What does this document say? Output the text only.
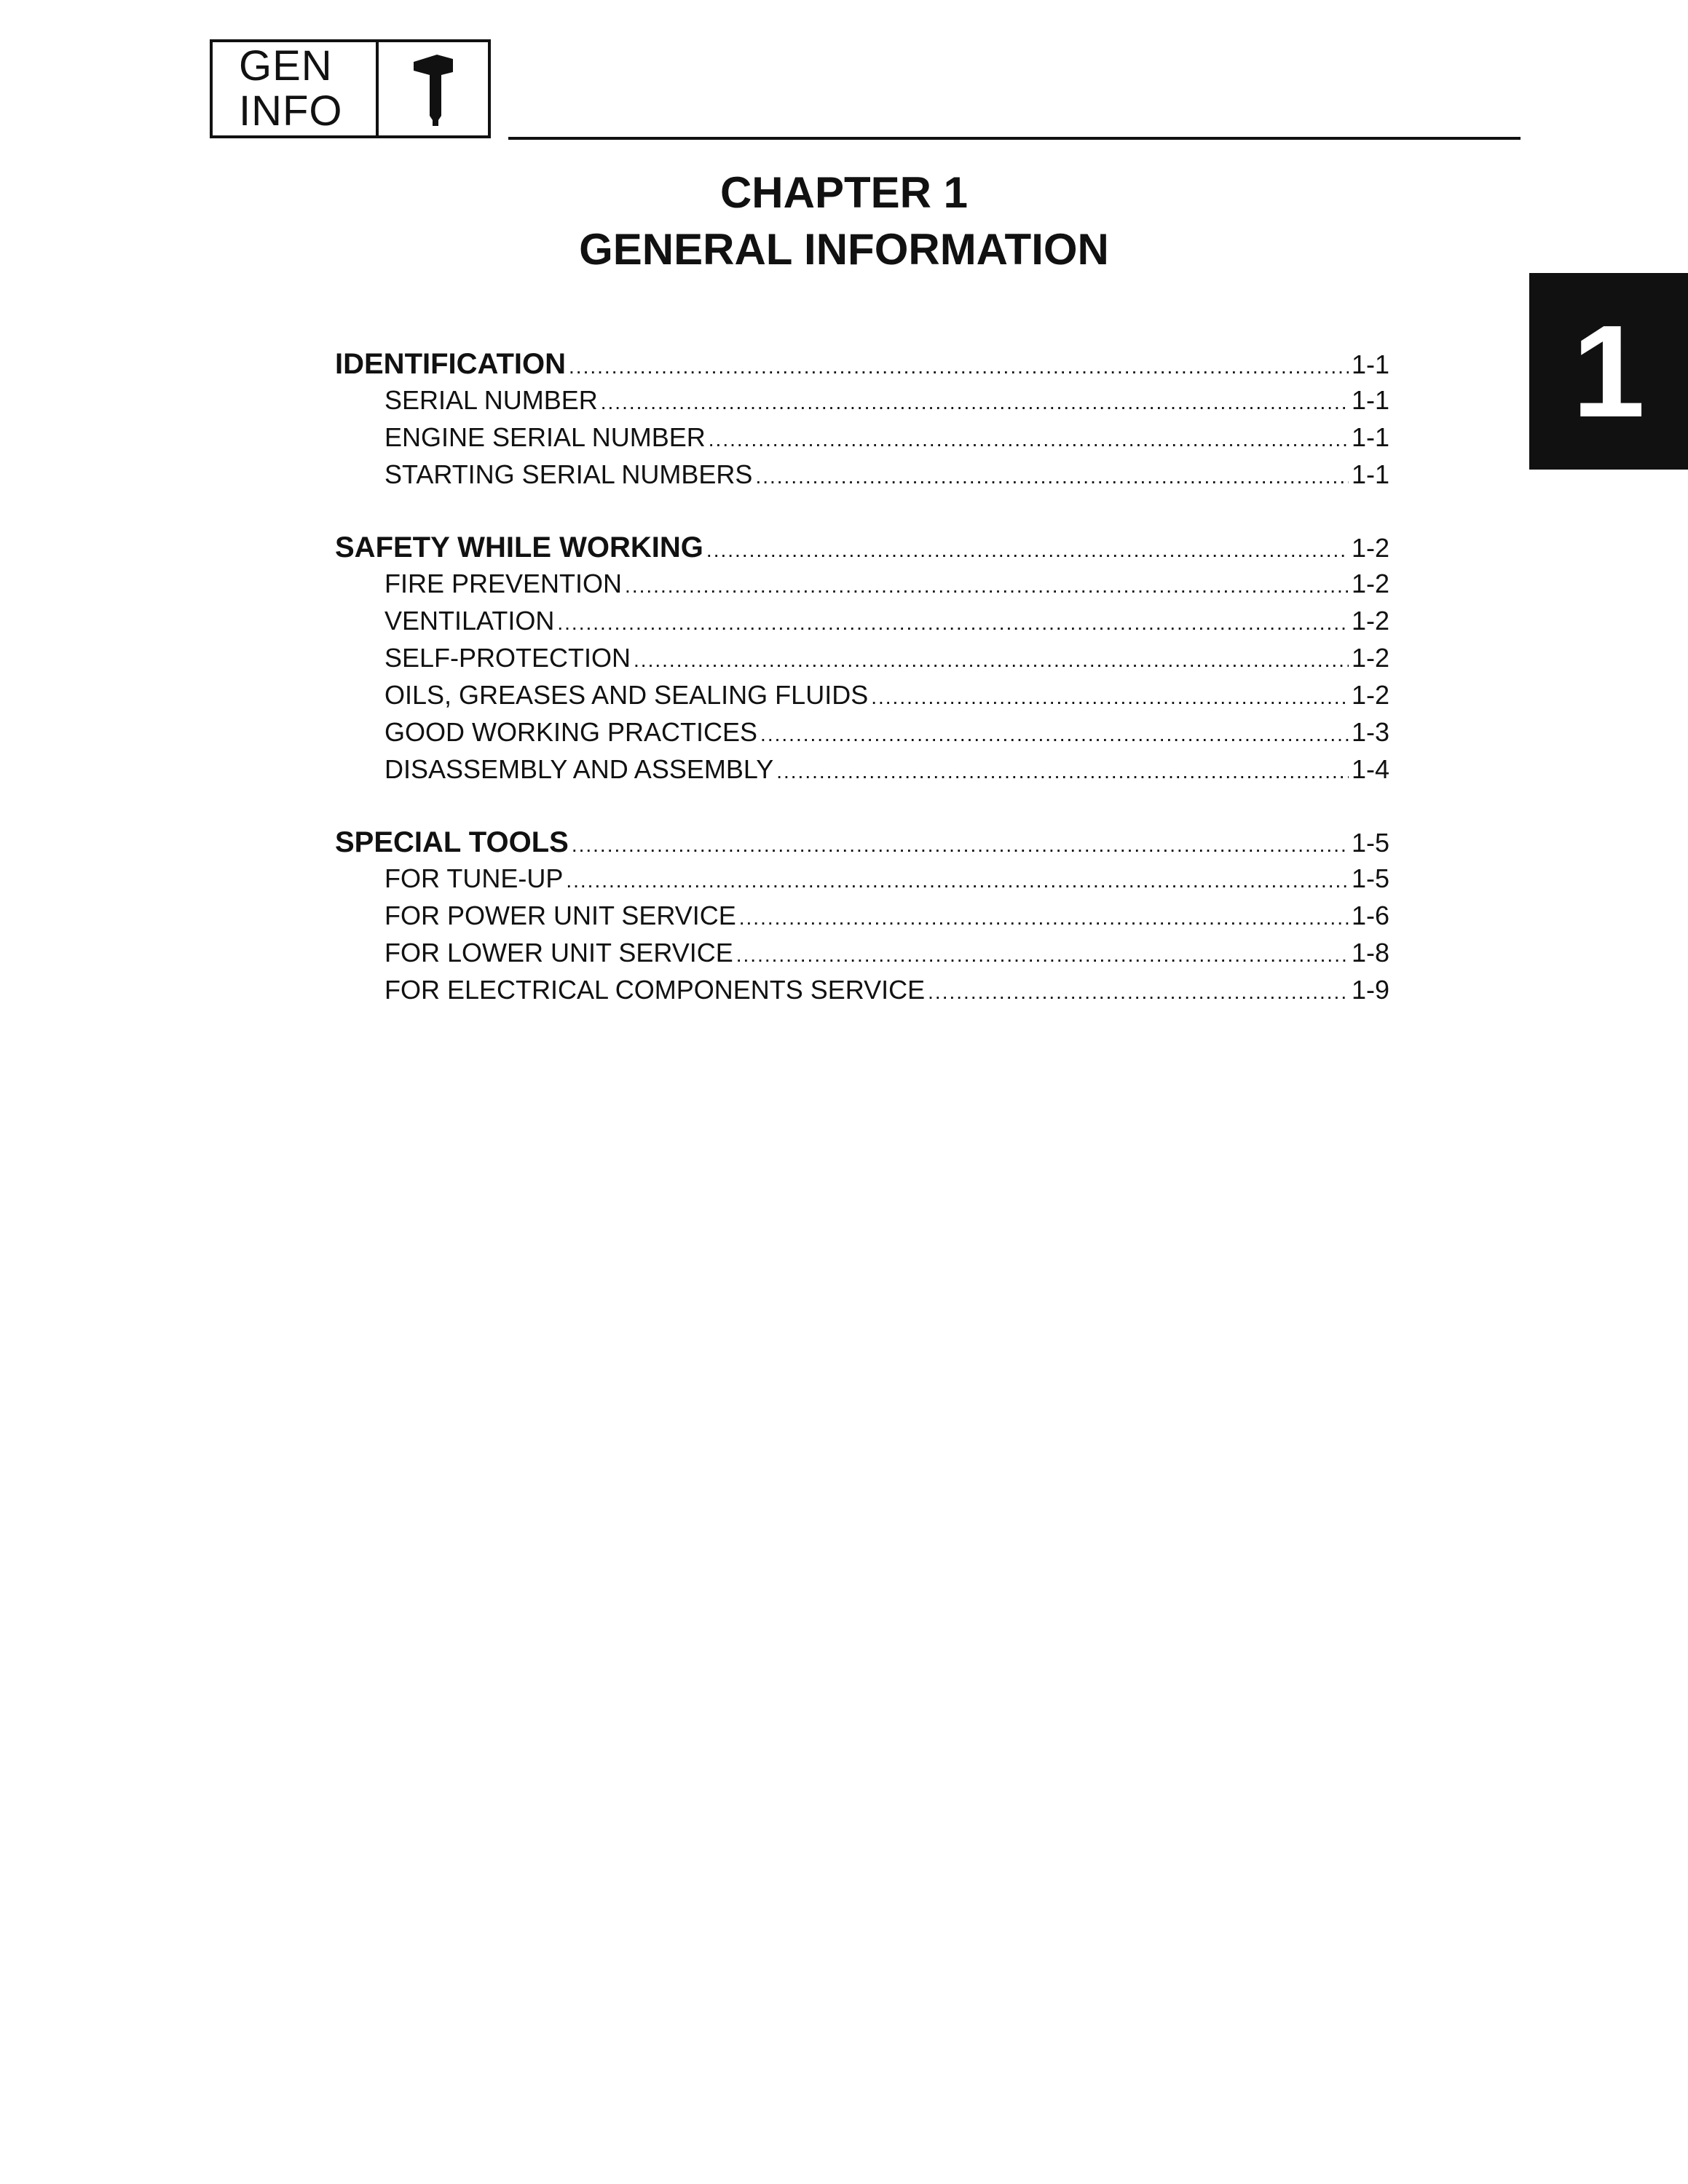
GEN
INFO
CHAPTER 1
GENERAL INFORMATION
1
IDENTIFICATION .....	1-1
SERIAL NUMBER .....	1-1
ENGINE SERIAL NUMBER .....	1-1
STARTING SERIAL NUMBERS .....	1-1
SAFETY WHILE WORKING .....	1-2
FIRE PREVENTION .....	1-2
VENTILATION .....	1-2
SELF-PROTECTION .....	1-2
OILS, GREASES AND SEALING FLUIDS .....	1-2
GOOD WORKING PRACTICES .....	1-3
DISASSEMBLY AND ASSEMBLY .....	1-4
SPECIAL TOOLS .....	1-5
FOR TUNE-UP .....	1-5
FOR POWER UNIT SERVICE .....	1-6
FOR LOWER UNIT SERVICE .....	1-8
FOR ELECTRICAL COMPONENTS SERVICE .....	1-9
